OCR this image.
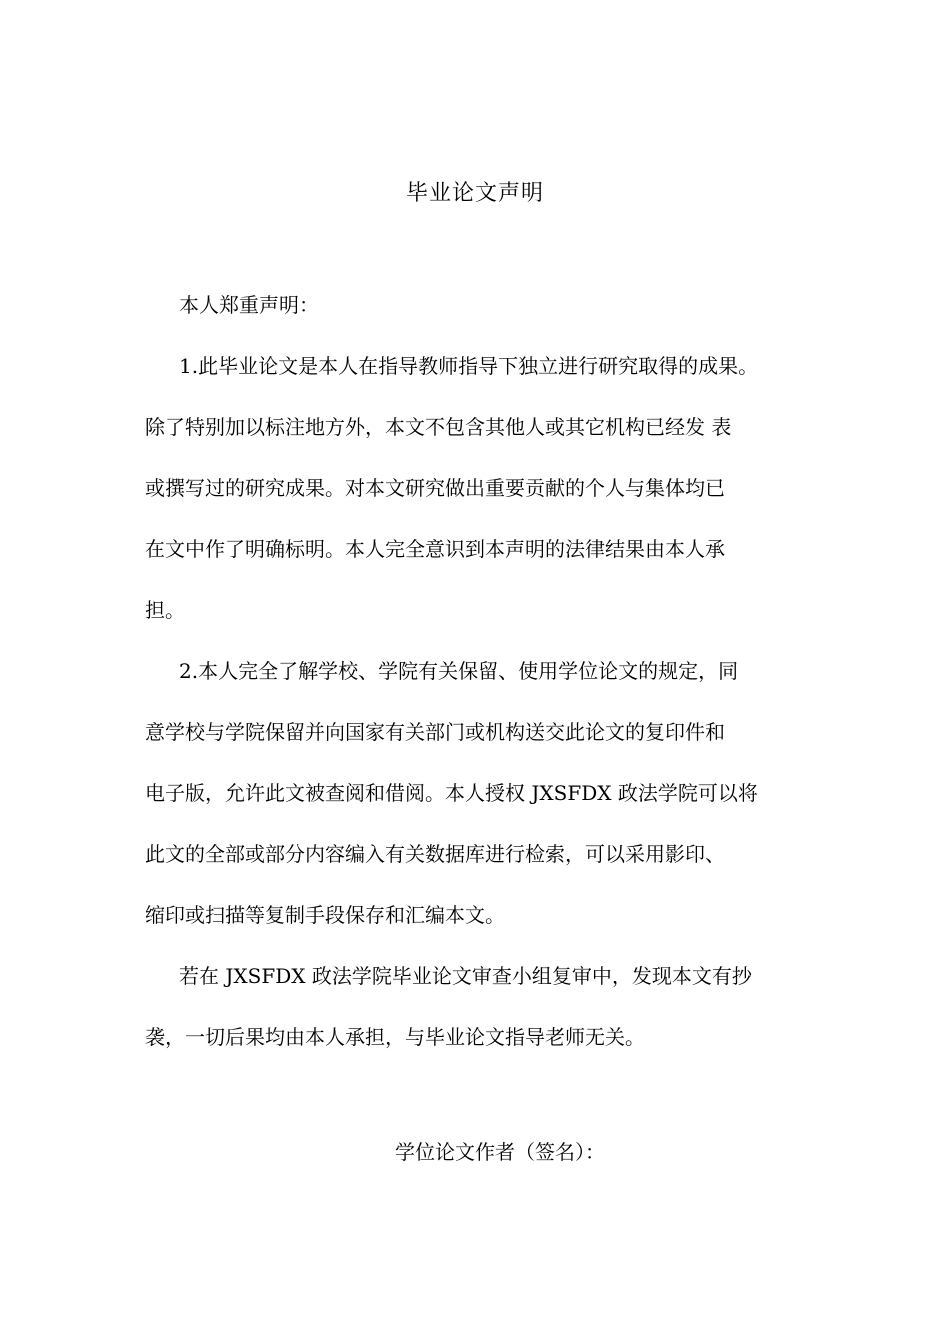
毕业论文声明
本人郑重声明：
1.此毕业论文是本人在指导教师指导下独立进行研究取得的成果。
除了特别加以标注地方外，本文不包含其他人或其它机构已经发 表
或撰写过的研究成果。对本文研究做出重要贡献的个人与集体均已
在文中作了明确标明。本人完全意识到本声明的法律结果由本人承
担。
2.本人完全了解学校、学院有关保留、使用学位论文的规定，同
意学校与学院保留并向国家有关部门或机构送交此论文的复印件和
电子版，允许此文被查阅和借阅。本人授权 JXSFDX 政法学院可以将
此文的全部或部分内容编入有关数据库进行检索，可以采用影印、
缩印或扫描等复制手段保存和汇编本文。
若在 JXSFDX 政法学院毕业论文审查小组复审中，发现本文有抄
袭，一切后果均由本人承担，与毕业论文指导老师无关。
学位论文作者（签名）：
